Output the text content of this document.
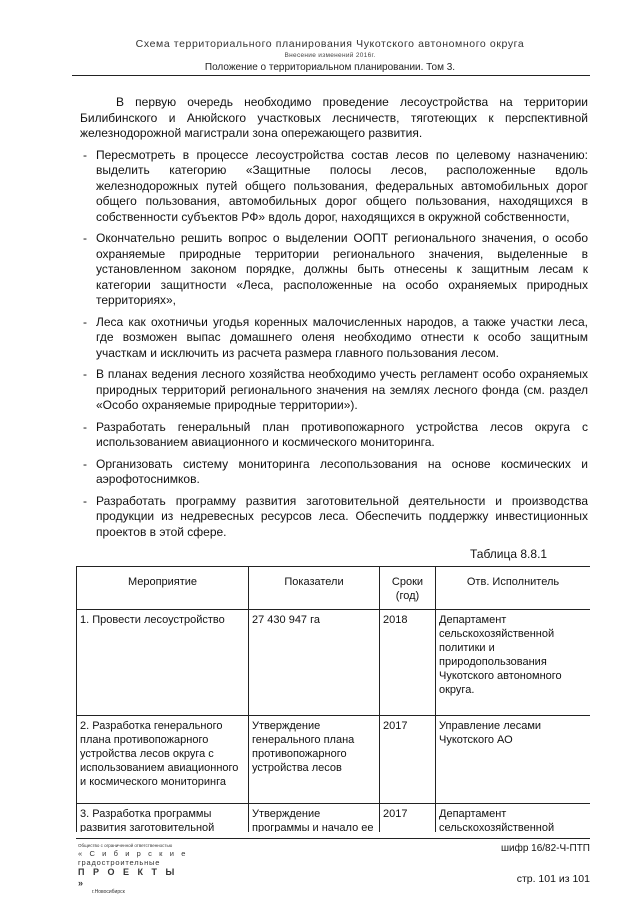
Схема территориального планирования Чукотского автономного округа
Внесение изменений 2016г.
Положение о территориальном планировании. Том 3.

В первую очередь необходимо проведение лесоустройства на территории Билибинского и Анюйского участковых лесничеств, тяготеющих к перспективной железнодорожной магистрали зона опережающего развития.

- Пересмотреть в процессе лесоустройства состав лесов по целевому назначению: выделить категорию «Защитные полосы лесов, расположенные вдоль железнодорожных путей общего пользования, федеральных автомобильных дорог общего пользования, автомобильных дорог общего пользования, находящихся в собственности субъектов РФ» вдоль дорог, находящихся в окружной собственности,

- Окончательно решить вопрос о выделении ООПТ регионального значения, о особо охраняемые природные территории регионального значения, выделенные в установленном законом порядке, должны быть отнесены к защитным лесам к категории защитности «Леса, расположенные на особо охраняемых природных территориях»,

- Леса как охотничьи угодья коренных малочисленных народов, а также участки леса, где возможен выпас домашнего оленя необходимо отнести к особо защитным участкам и исключить из расчета размера главного пользования лесом.

- В планах ведения лесного хозяйства необходимо учесть регламент особо охраняемых природных территорий регионального значения на землях лесного фонда (см. раздел «Особо охраняемые природные территории»).

- Разработать генеральный план противопожарного устройства лесов округа с использованием авиационного и космического мониторинга.

- Организовать систему мониторинга лесопользования на основе космических и аэрофотоснимков.

- Разработать программу развития заготовительной деятельности и производства продукции из недревесных ресурсов леса. Обеспечить поддержку инвестиционных проектов в этой сфере.

Таблица 8.8.1
Мероприятие	Показатели	Сроки (год)	Отв. Исполнитель
1. Провести лесоустройство	27 430 947 га	2018	Департамент сельскохозяйственной политики и природопользования Чукотского автономного округа.
2. Разработка генерального плана противопожарного устройства лесов округа с использованием авиационного и космического мониторинга	Утверждение генерального плана противопожарного устройства лесов	2017	Управление лесами Чукотского АО
3. Разработка программы развития заготовительной	Утверждение программы и начало ее	2017	Департамент сельскохозяйственной
Общество с ограниченной ответственностью
« С и б и р с к и е
градостроительные
П Р О Е К Т Ы »
г.Новосибирск
шифр 16/82-Ч-ПТП
стр. 101 из 101
